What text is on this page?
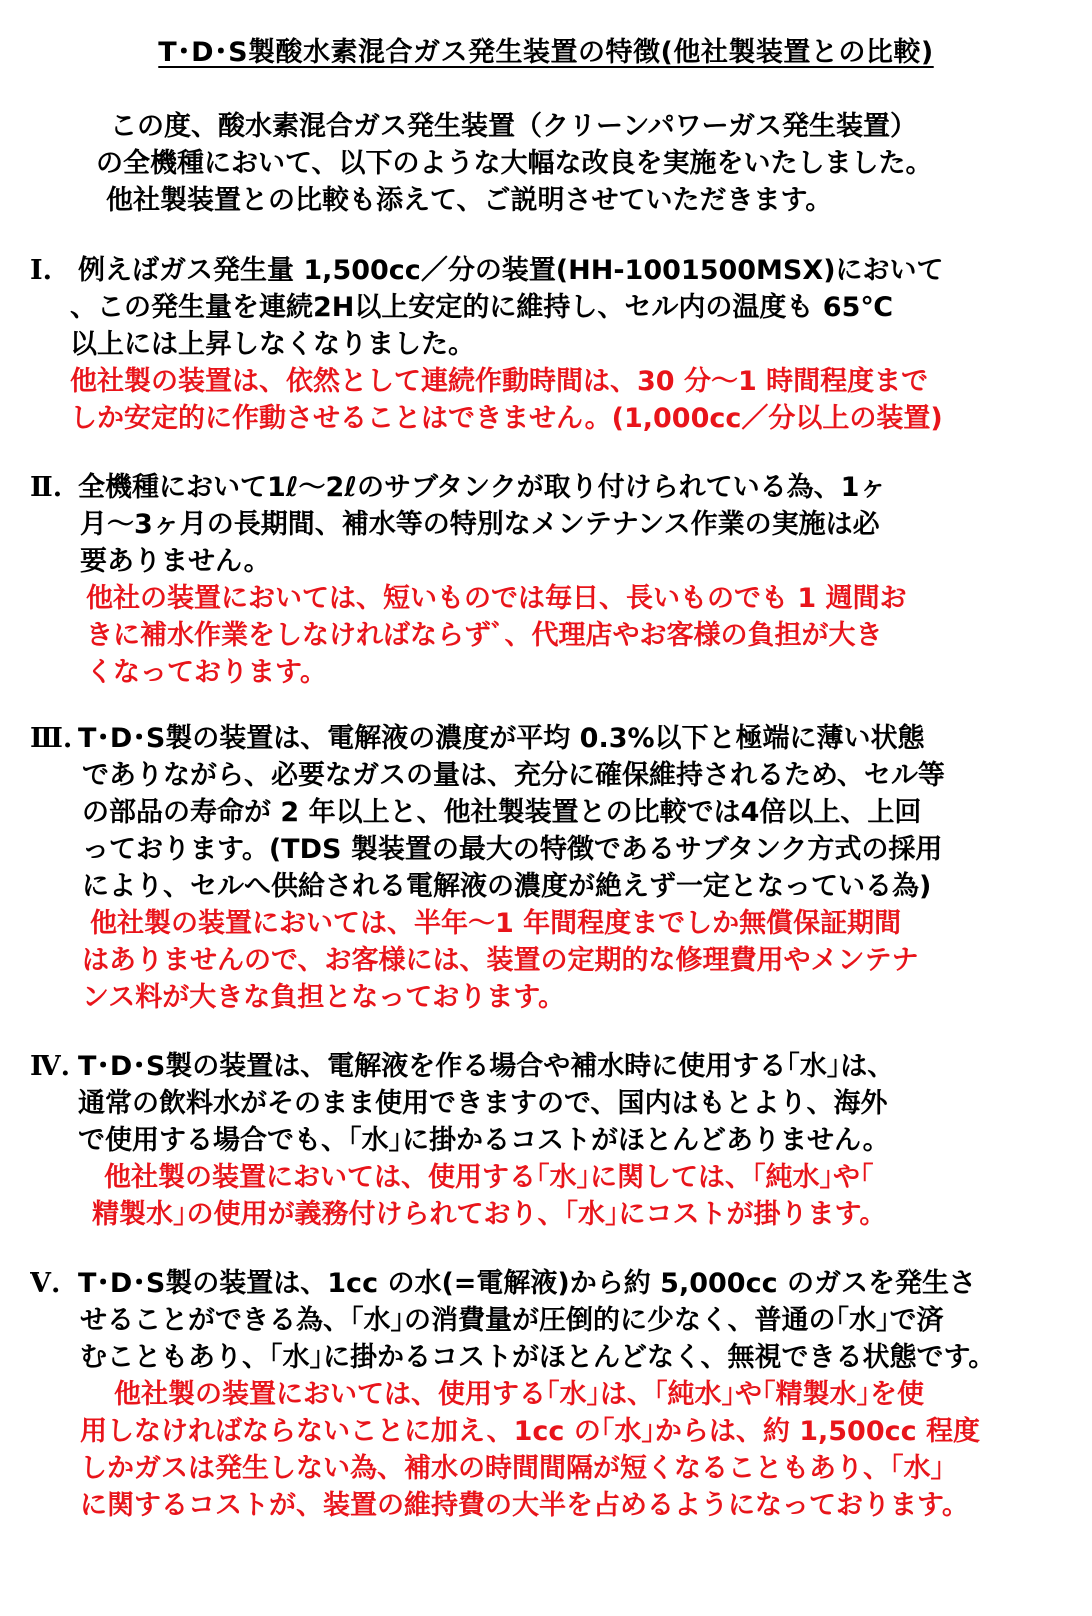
T･D･S製酸水素混合ガス発生装置の特徴(他社製装置との比較)
この度、酸水素混合ガス発生装置（クリーンパワーガス発生装置）
の全機種において、以下のような大幅な改良を実施をいたしました。
他社製装置との比較も添えて、ご説明させていただきます。
Ⅰ. 例えばガス発生量 1,500cc／分の装置(HH-1001500MSX)において
、この発生量を連続2H以上安定的に維持し、セル内の温度も 65℃
以上には上昇しなくなりました。
他社製の装置は、依然として連続作動時間は、30 分～1 時間程度まで
しか安定的に作動させることはできません。(1,000cc／分以上の装置)
Ⅱ. 全機種において1ℓ～2ℓのサブタンクが取り付けられている為、1ヶ
月～3ヶ月の長期間、補水等の特別なメンテナンス作業の実施は必
要ありません。
他社の装置においては、短いものでは毎日、長いものでも 1 週間お
きに補水作業をしなければならずﾞ、代理店やお客様の負担が大き
くなっております。
Ⅲ. T･D･S製の装置は、電解液の濃度が平均 0.3%以下と極端に薄い状態
でありながら、必要なガスの量は、充分に確保維持されるため、セル等
の部品の寿命が 2 年以上と、他社製装置との比較では4倍以上、上回
っております。(TDS 製装置の最大の特徴であるサブタンク方式の採用
により、セルへ供給される電解液の濃度が絶えず一定となっている為)
他社製の装置においては、半年～1 年間程度までしか無償保証期間
はありませんので、お客様には、装置の定期的な修理費用やメンテナ
ンス料が大きな負担となっております。
Ⅳ. T･D･S製の装置は、電解液を作る場合や補水時に使用する｢水｣は、
通常の飲料水がそのまま使用できますので、国内はもとより、海外
で使用する場合でも、｢水｣に掛かるコストがほとんどありません。
他社製の装置においては、使用する｢水｣に関しては、｢純水｣や｢
精製水｣の使用が義務付けられており、｢水｣にコストが掛ります。
Ⅴ. T･D･S製の装置は、1cc の水(=電解液)から約 5,000cc のガスを発生さ
せることができる為、｢水｣の消費量が圧倒的に少なく、普通の｢水｣で済
むこともあり、｢水｣に掛かるコストがほとんどなく、無視できる状態です。
他社製の装置においては、使用する｢水｣は、｢純水｣や｢精製水｣を使
用しなければならないことに加え、1cc の｢水｣からは、約 1,500cc 程度
しかガスは発生しない為、補水の時間間隔が短くなることもあり、｢水｣
に関するコストが、装置の維持費の大半を占めるようになっております。
